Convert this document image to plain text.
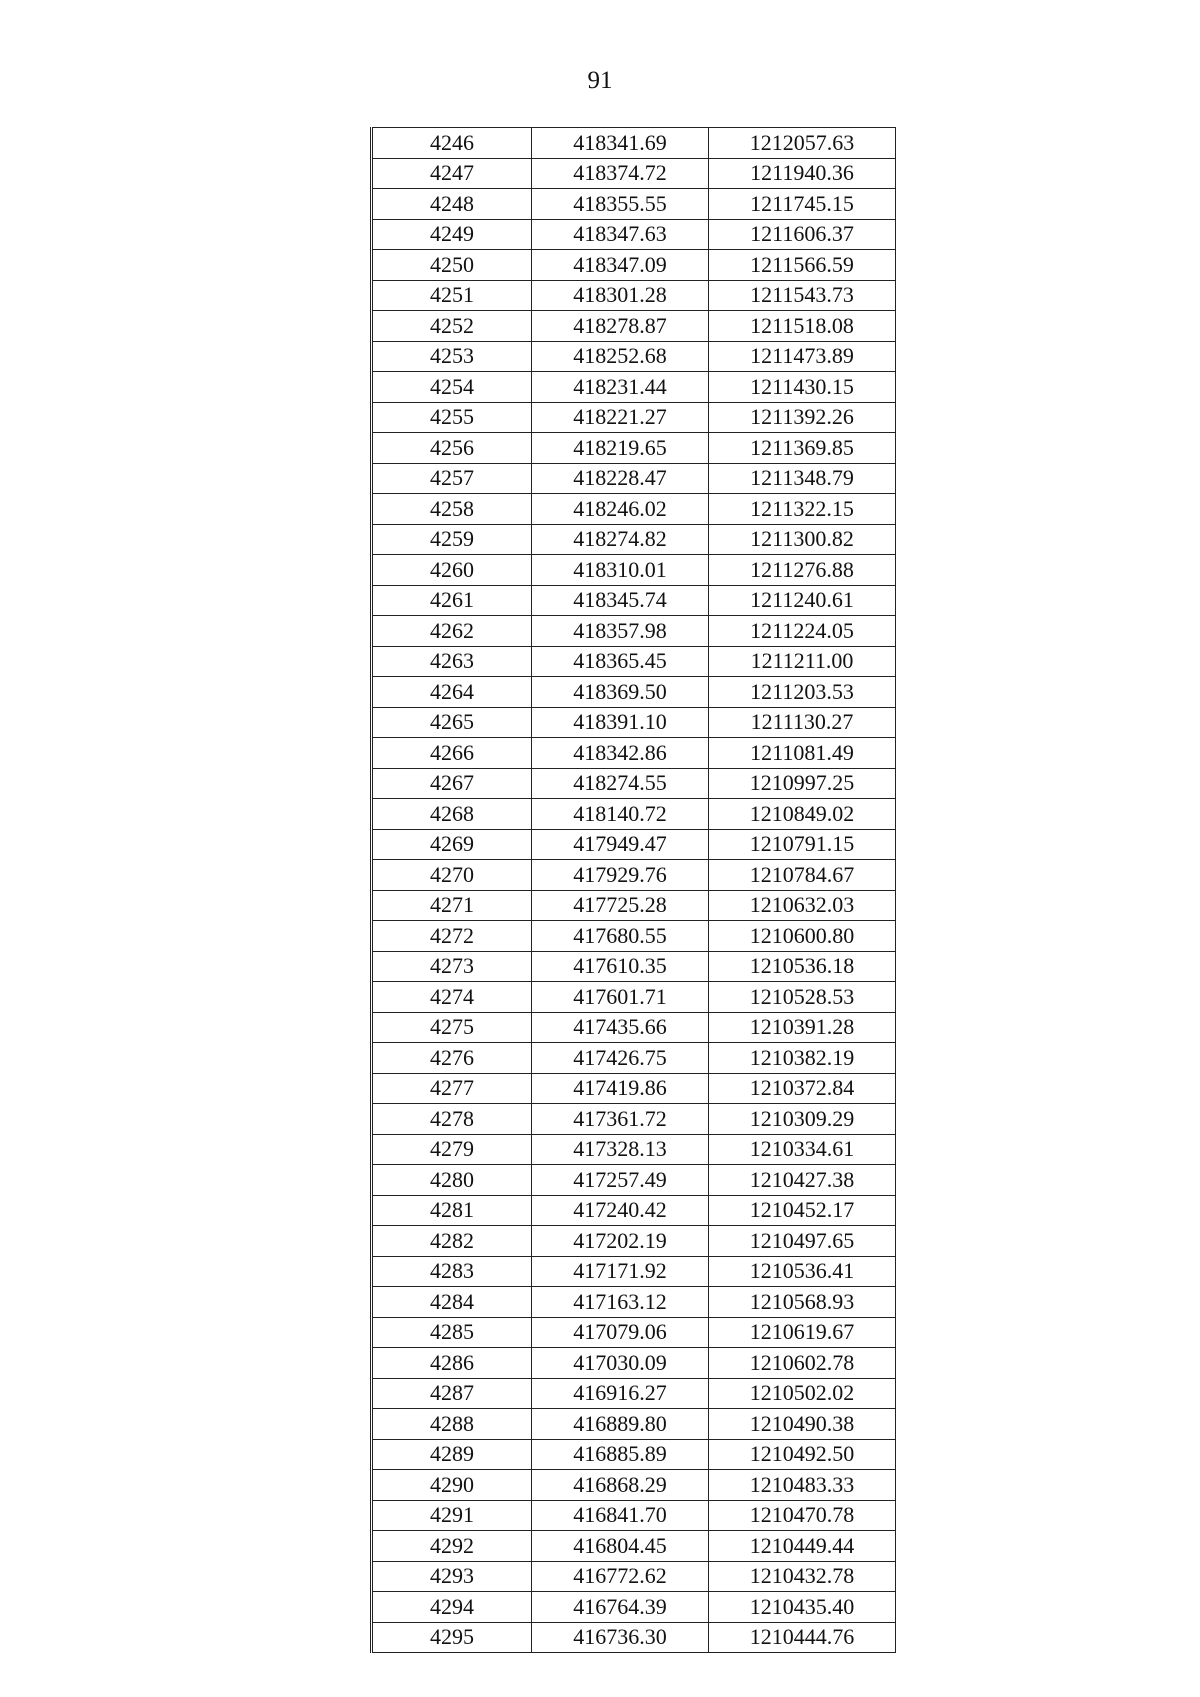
91
4246	418341.69	1212057.63
4247	418374.72	1211940.36
4248	418355.55	1211745.15
4249	418347.63	1211606.37
4250	418347.09	1211566.59
4251	418301.28	1211543.73
4252	418278.87	1211518.08
4253	418252.68	1211473.89
4254	418231.44	1211430.15
4255	418221.27	1211392.26
4256	418219.65	1211369.85
4257	418228.47	1211348.79
4258	418246.02	1211322.15
4259	418274.82	1211300.82
4260	418310.01	1211276.88
4261	418345.74	1211240.61
4262	418357.98	1211224.05
4263	418365.45	1211211.00
4264	418369.50	1211203.53
4265	418391.10	1211130.27
4266	418342.86	1211081.49
4267	418274.55	1210997.25
4268	418140.72	1210849.02
4269	417949.47	1210791.15
4270	417929.76	1210784.67
4271	417725.28	1210632.03
4272	417680.55	1210600.80
4273	417610.35	1210536.18
4274	417601.71	1210528.53
4275	417435.66	1210391.28
4276	417426.75	1210382.19
4277	417419.86	1210372.84
4278	417361.72	1210309.29
4279	417328.13	1210334.61
4280	417257.49	1210427.38
4281	417240.42	1210452.17
4282	417202.19	1210497.65
4283	417171.92	1210536.41
4284	417163.12	1210568.93
4285	417079.06	1210619.67
4286	417030.09	1210602.78
4287	416916.27	1210502.02
4288	416889.80	1210490.38
4289	416885.89	1210492.50
4290	416868.29	1210483.33
4291	416841.70	1210470.78
4292	416804.45	1210449.44
4293	416772.62	1210432.78
4294	416764.39	1210435.40
4295	416736.30	1210444.76
